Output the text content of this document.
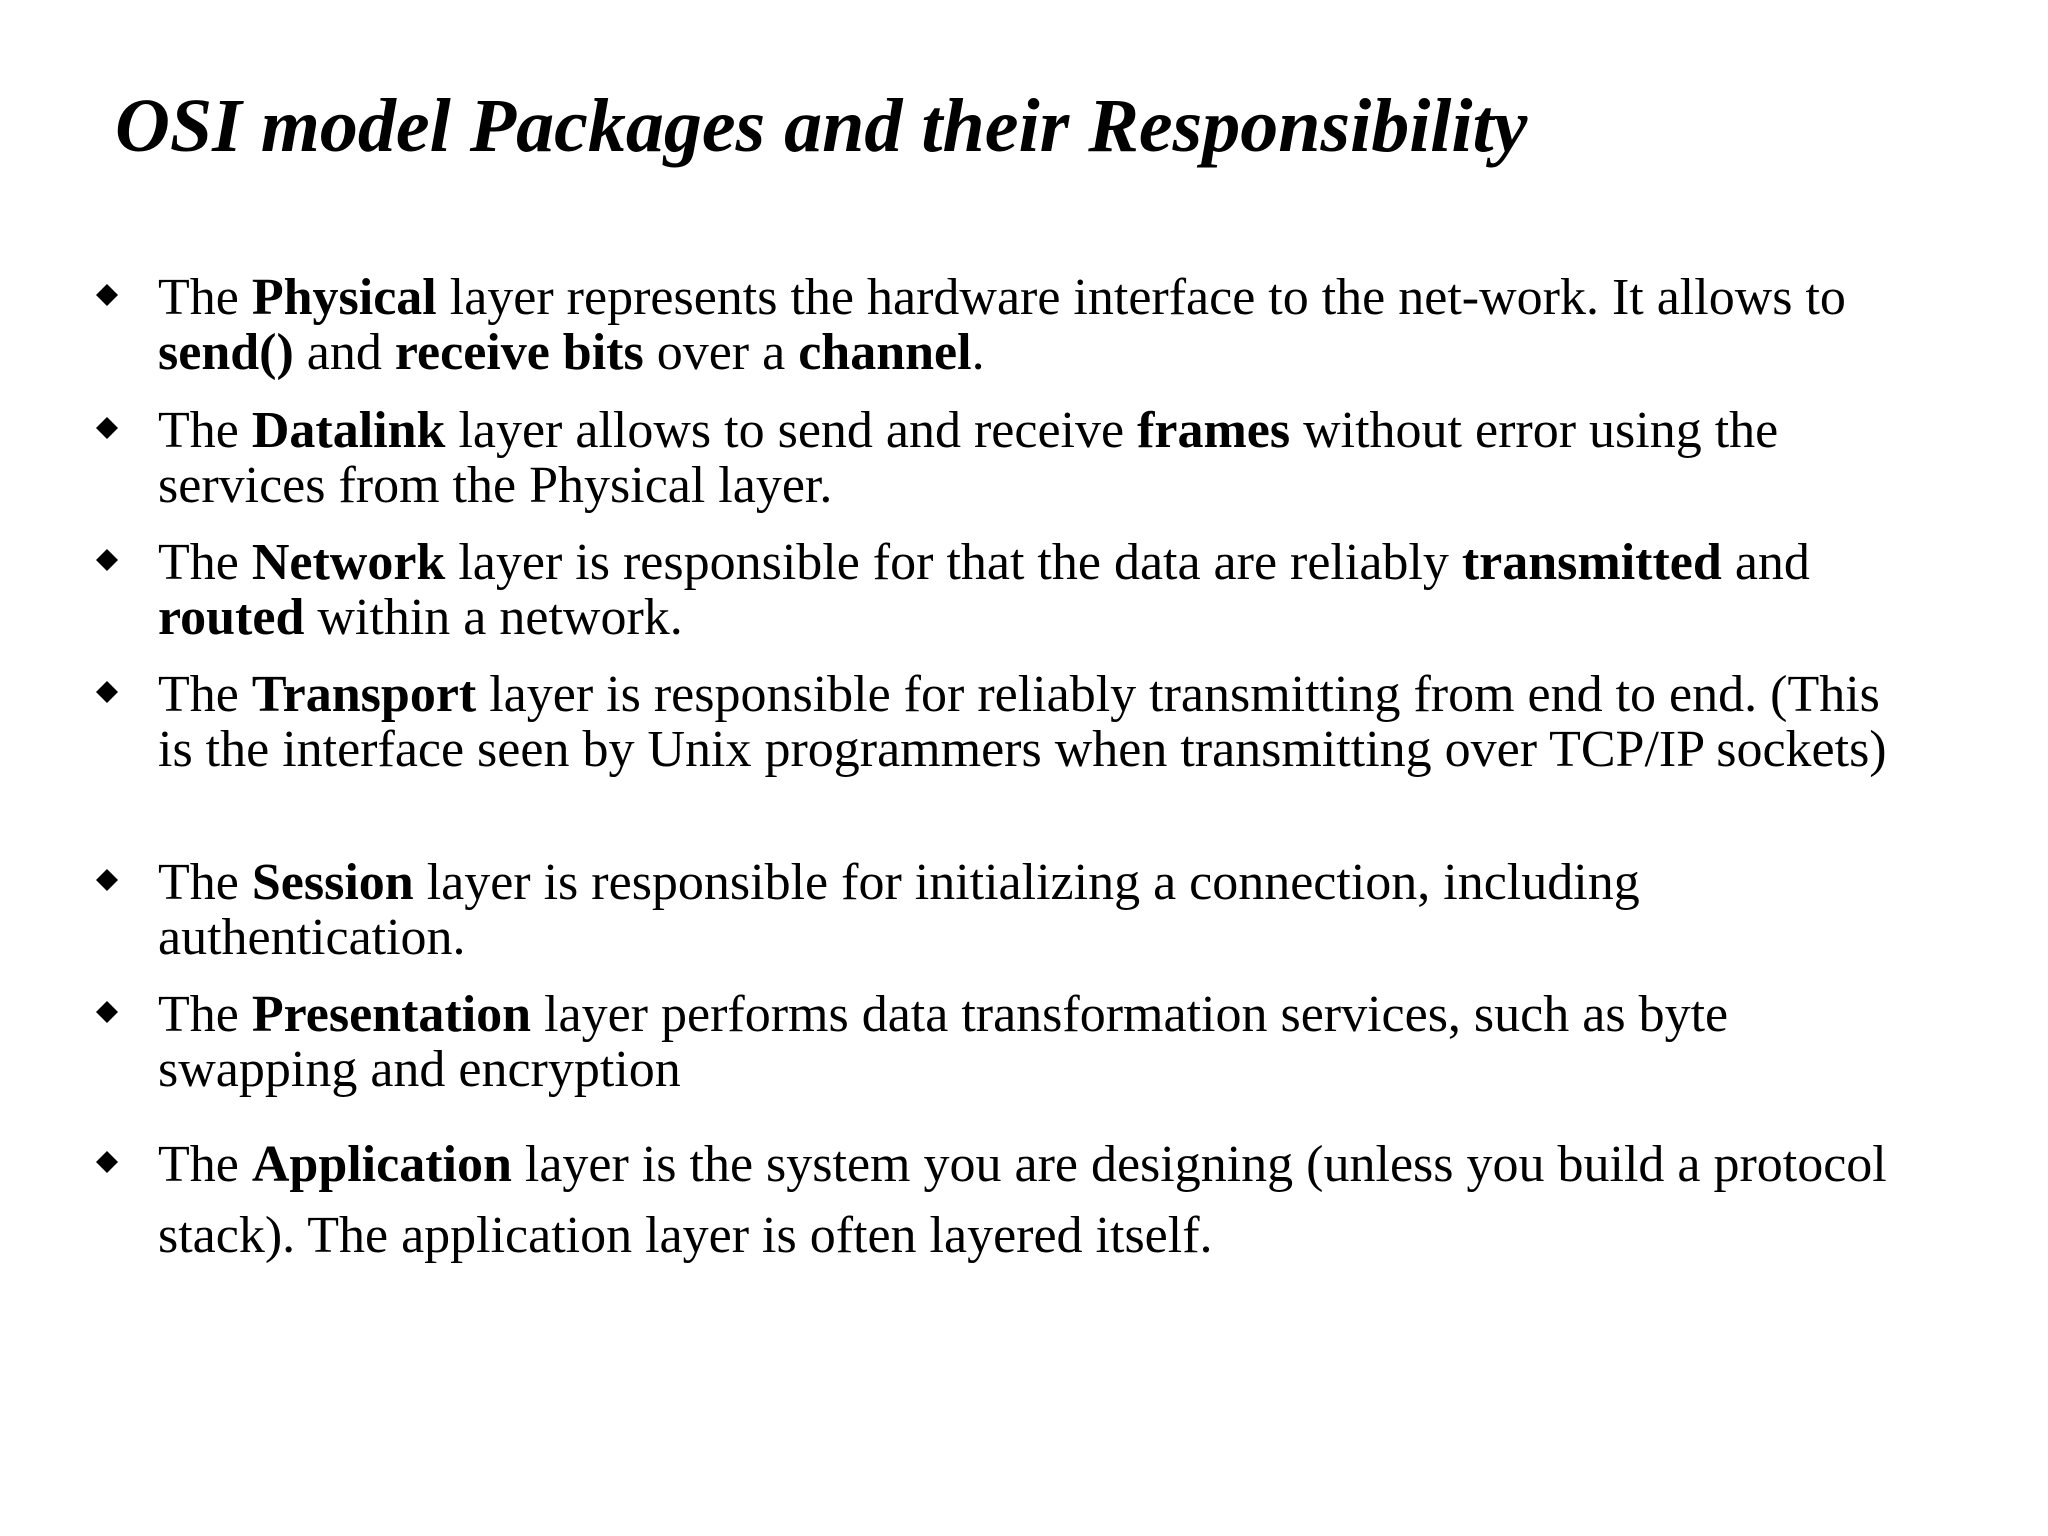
OSI model Packages and their Responsibility
The Physical layer represents the hardware interface to the net-work. It allows to send() and receive bits over a channel.
The Datalink layer allows to send and receive frames without error using the services from the Physical layer.
The Network layer is responsible for that the data are reliably transmitted and routed within a network.
The Transport layer is responsible for reliably transmitting from end to end. (This is the interface seen by Unix programmers when transmitting over TCP/IP sockets)
The Session layer is responsible for initializing a connection, including authentication.
The Presentation layer performs data transformation services, such as byte swapping and encryption
The Application layer is the system you are designing (unless you build a protocol stack). The application layer is often layered itself.
